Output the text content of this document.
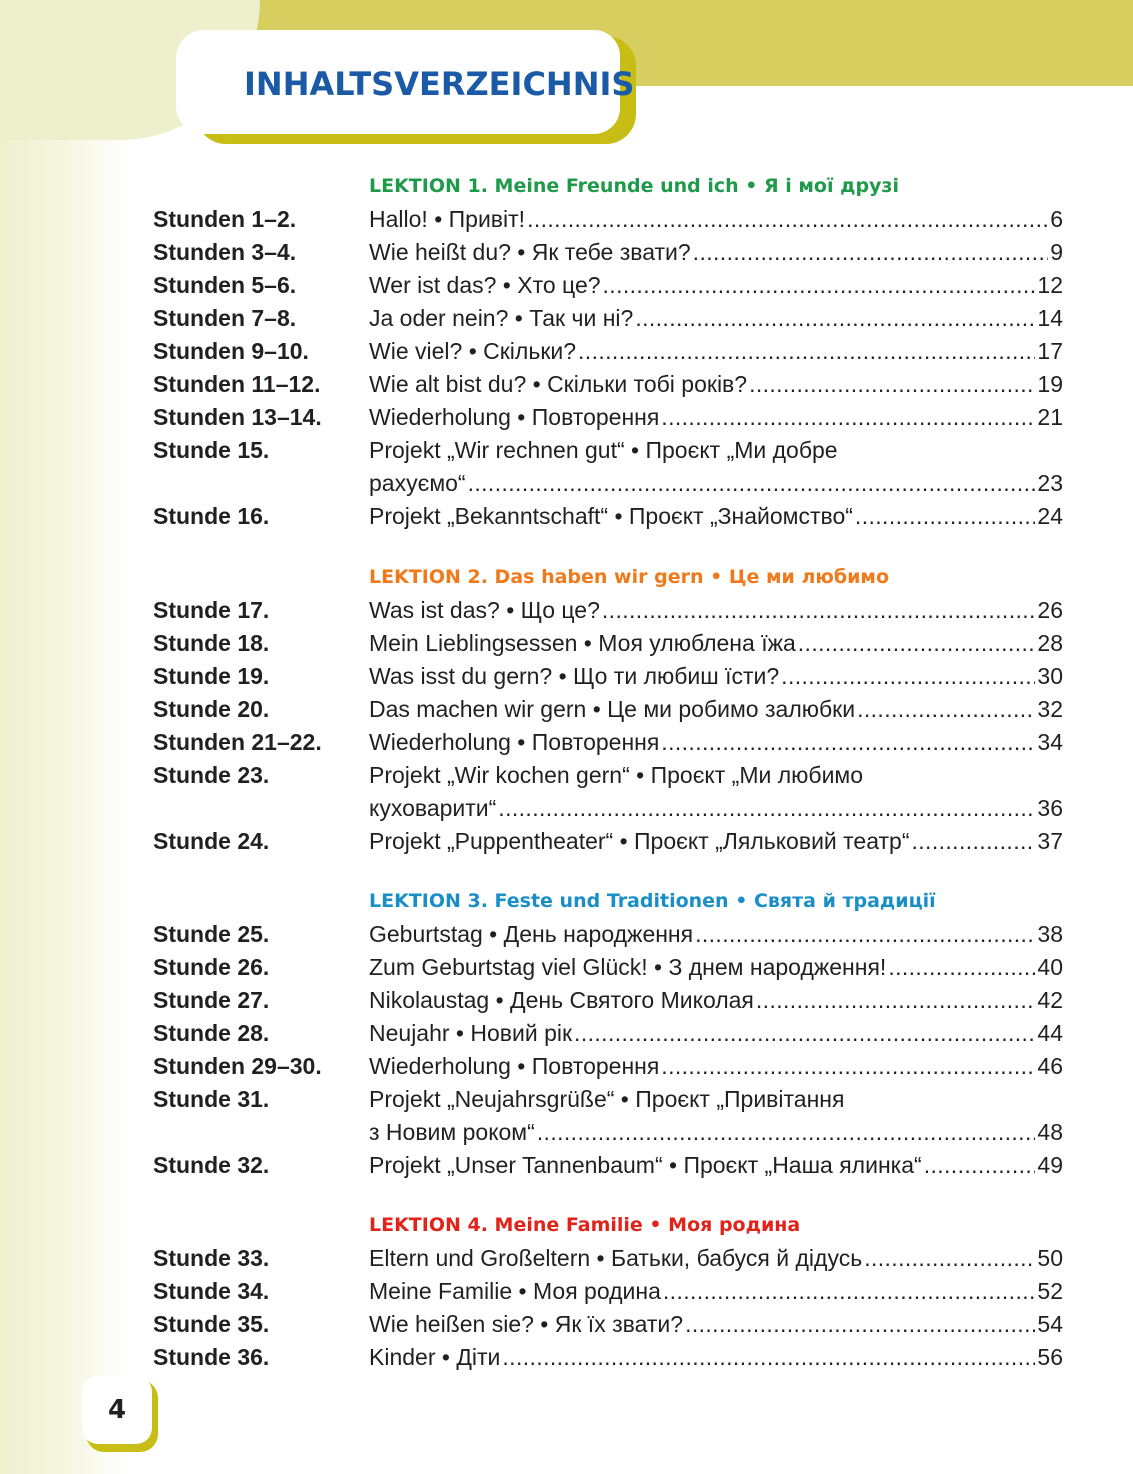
INHALTSVERZEICHNIS
LEKTION 1. Meine Freunde und ich • Я і мої друзі
Stunden 1–2.	Hallo! • Привіт! . . .	6
Stunden 3–4.	Wie heißt du? • Як тебе звати? . . .	9
Stunden 5–6.	Wer ist das? • Хто це? . . .	12
Stunden 7–8.	Ja oder nein? • Так чи ні? . . .	14
Stunden 9–10.	Wie viel? • Скільки? . . .	17
Stunden 11–12.	Wie alt bist du? • Скільки тобі років? . . .	19
Stunden 13–14.	Wiederholung • Повторення . . .	21
Stunde 15.	Projekt „Wir rechnen gut“ • Проєкт „Ми добре
рахуємо“ . . .	23
Stunde 16.	Projekt „Bekanntschaft“ • Проєкт „Знайомство“ . . .	24
LEKTION 2. Das haben wir gern • Це ми любимо
Stunde 17.	Was ist das? • Що це? . . .	26
Stunde 18.	Mein Lieblingsessen • Моя улюблена їжа . . .	28
Stunde 19.	Was isst du gern? • Що ти любиш їсти? . . .	30
Stunde 20.	Das machen wir gern • Це ми робимо залюбки . . .	32
Stunden 21–22.	Wiederholung • Повторення . . .	34
Stunde 23.	Projekt „Wir kochen gern“ • Проєкт „Ми любимо
куховарити“ . . .	36
Stunde 24.	Projekt „Puppentheater“ • Проєкт „Ляльковий театр“ . . .	37
LEKTION 3. Feste und Traditionen • Свята й традиції
Stunde 25.	Geburtstag • День народження . . .	38
Stunde 26.	Zum Geburtstag viel Glück! • З днем народження! . . .	40
Stunde 27.	Nikolaustag • День Святого Миколая . . .	42
Stunde 28.	Neujahr • Новий рік . . .	44
Stunden 29–30.	Wiederholung • Повторення . . .	46
Stunde 31.	Projekt „Neujahrsgrüße“ • Проєкт „Привітання
з Новим роком“ . . .	48
Stunde 32.	Projekt „Unser Tannenbaum“ • Проєкт „Наша ялинка“ . . .	49
LEKTION 4. Meine Familie • Моя родина
Stunde 33.	Eltern und Großeltern • Батьки, бабуся й дідусь . . .	50
Stunde 34.	Meine Familie • Моя родина . . .	52
Stunde 35.	Wie heißen sie? • Як їх звати? . . .	54
Stunde 36.	Kinder • Діти . . .	56
4
